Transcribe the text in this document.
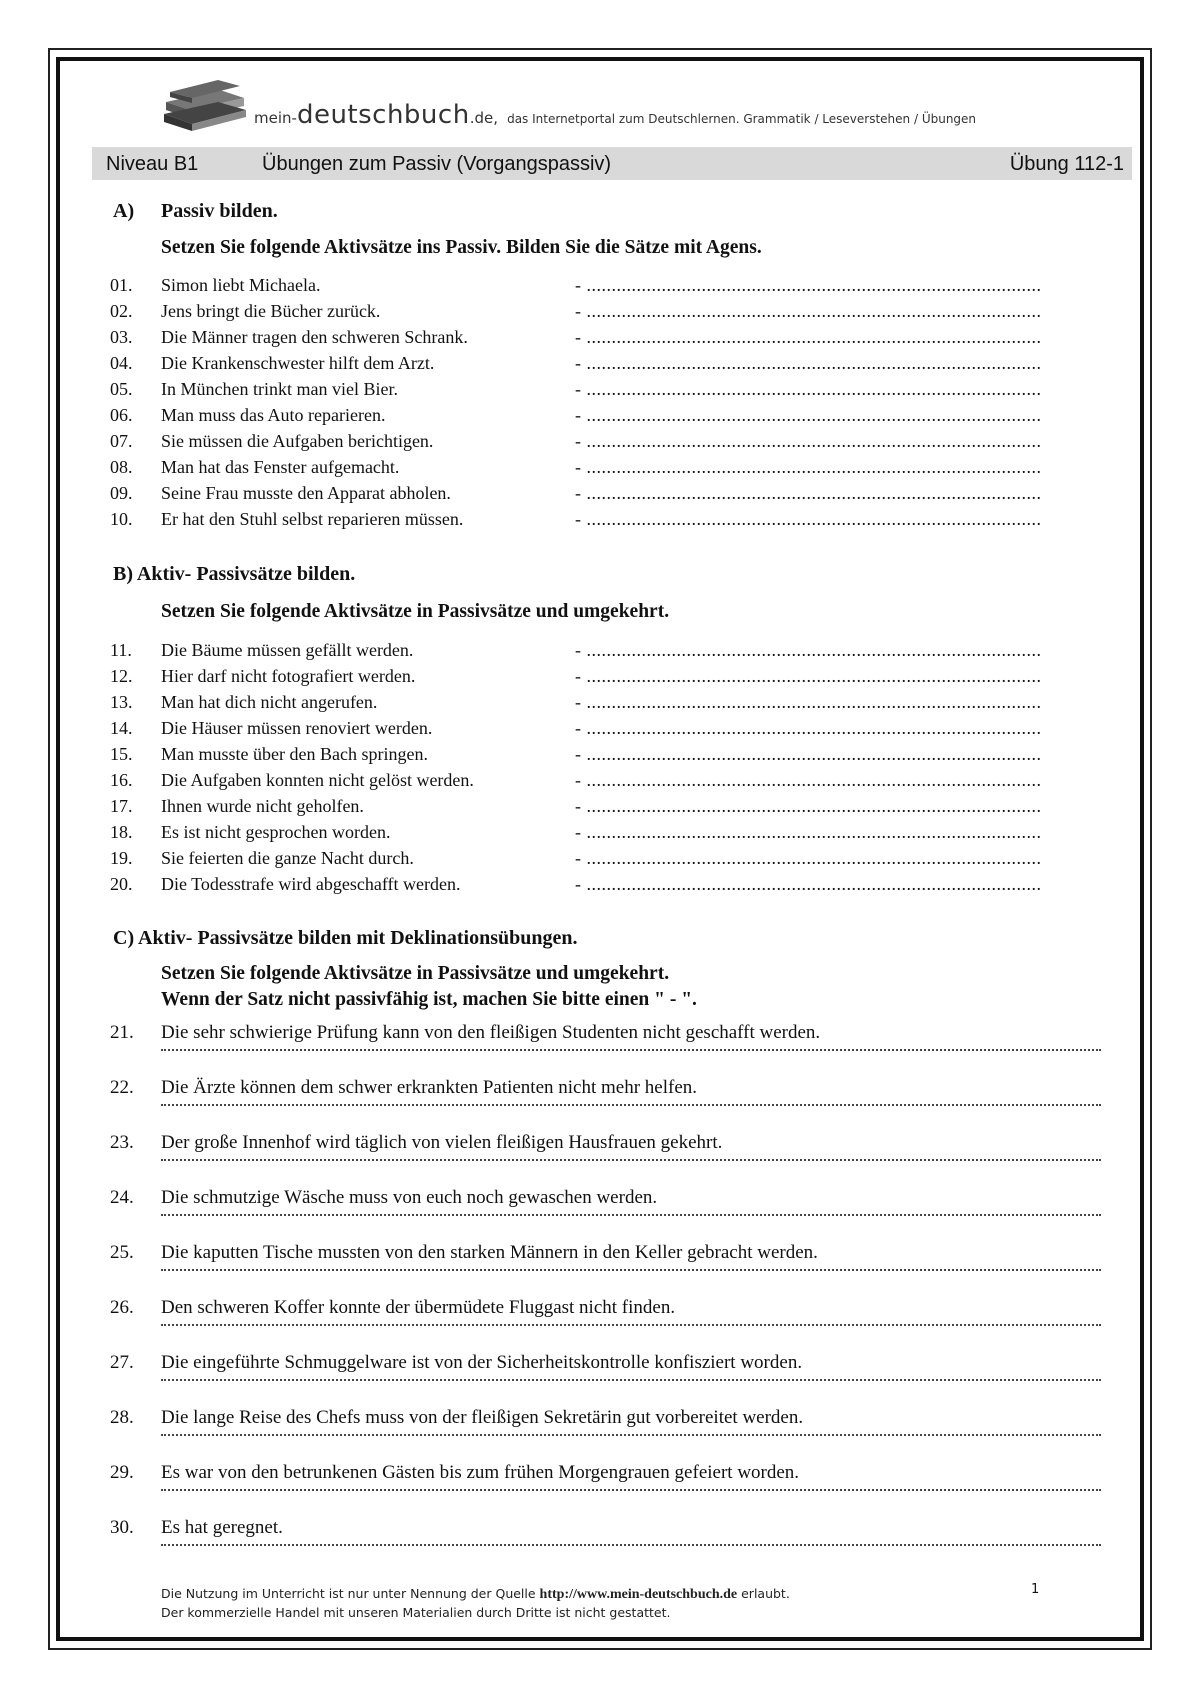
mein-deutschbuch.de, das Internetportal zum Deutschlernen. Grammatik / Leseverstehen / Übungen
Niveau B1	Übungen zum Passiv (Vorgangspassiv)	Übung 112-1
A) Passiv bilden.
Setzen Sie folgende Aktivsätze ins Passiv. Bilden Sie die Sätze mit Agens.
01.	Simon liebt Michaela.	- ...........................................................................................
02.	Jens bringt die Bücher zurück.	- ...........................................................................................
03.	Die Männer tragen den schweren Schrank.	- ...........................................................................................
04.	Die Krankenschwester hilft dem Arzt.	- ...........................................................................................
05.	In München trinkt man viel Bier.	- ...........................................................................................
06.	Man muss das Auto reparieren.	- ...........................................................................................
07.	Sie müssen die Aufgaben berichtigen.	- ...........................................................................................
08.	Man hat das Fenster aufgemacht.	- ...........................................................................................
09.	Seine Frau musste den Apparat abholen.	- ...........................................................................................
10.	Er hat den Stuhl selbst reparieren müssen.	- ...........................................................................................
B) Aktiv- Passivsätze bilden.
Setzen Sie folgende Aktivsätze in Passivsätze und umgekehrt.
11.	Die Bäume müssen gefällt werden.	- ...........................................................................................
12.	Hier darf nicht fotografiert werden.	- ...........................................................................................
13.	Man hat dich nicht angerufen.	- ...........................................................................................
14.	Die Häuser müssen renoviert werden.	- ...........................................................................................
15.	Man musste über den Bach springen.	- ...........................................................................................
16.	Die Aufgaben konnten nicht gelöst werden.	- ...........................................................................................
17.	Ihnen wurde nicht geholfen.	- ...........................................................................................
18.	Es ist nicht gesprochen worden.	- ...........................................................................................
19.	Sie feierten die ganze Nacht durch.	- ...........................................................................................
20.	Die Todesstrafe wird abgeschafft werden.	- ...........................................................................................
C) Aktiv- Passivsätze bilden mit Deklinationsübungen.
Setzen Sie folgende Aktivsätze in Passivsätze und umgekehrt.
Wenn der Satz nicht passivfähig ist, machen Sie bitte einen " - ".
21.	Die sehr schwierige Prüfung kann von den fleißigen Studenten nicht geschafft werden.
22.	Die Ärzte können dem schwer erkrankten Patienten nicht mehr helfen.
23.	Der große Innenhof wird täglich von vielen fleißigen Hausfrauen gekehrt.
24.	Die schmutzige Wäsche muss von euch noch gewaschen werden.
25.	Die kaputten Tische mussten von den starken Männern in den Keller gebracht werden.
26.	Den schweren Koffer konnte der übermüdete Fluggast nicht finden.
27.	Die eingeführte Schmuggelware ist von der Sicherheitskontrolle konfisziert worden.
28.	Die lange Reise des Chefs muss von der fleißigen Sekretärin gut vorbereitet werden.
29.	Es war von den betrunkenen Gästen bis zum frühen Morgengrauen gefeiert worden.
30.	Es hat geregnet.
Die Nutzung im Unterricht ist nur unter Nennung der Quelle http://www.mein-deutschbuch.de erlaubt.
Der kommerzielle Handel mit unseren Materialien durch Dritte ist nicht gestattet.
1
